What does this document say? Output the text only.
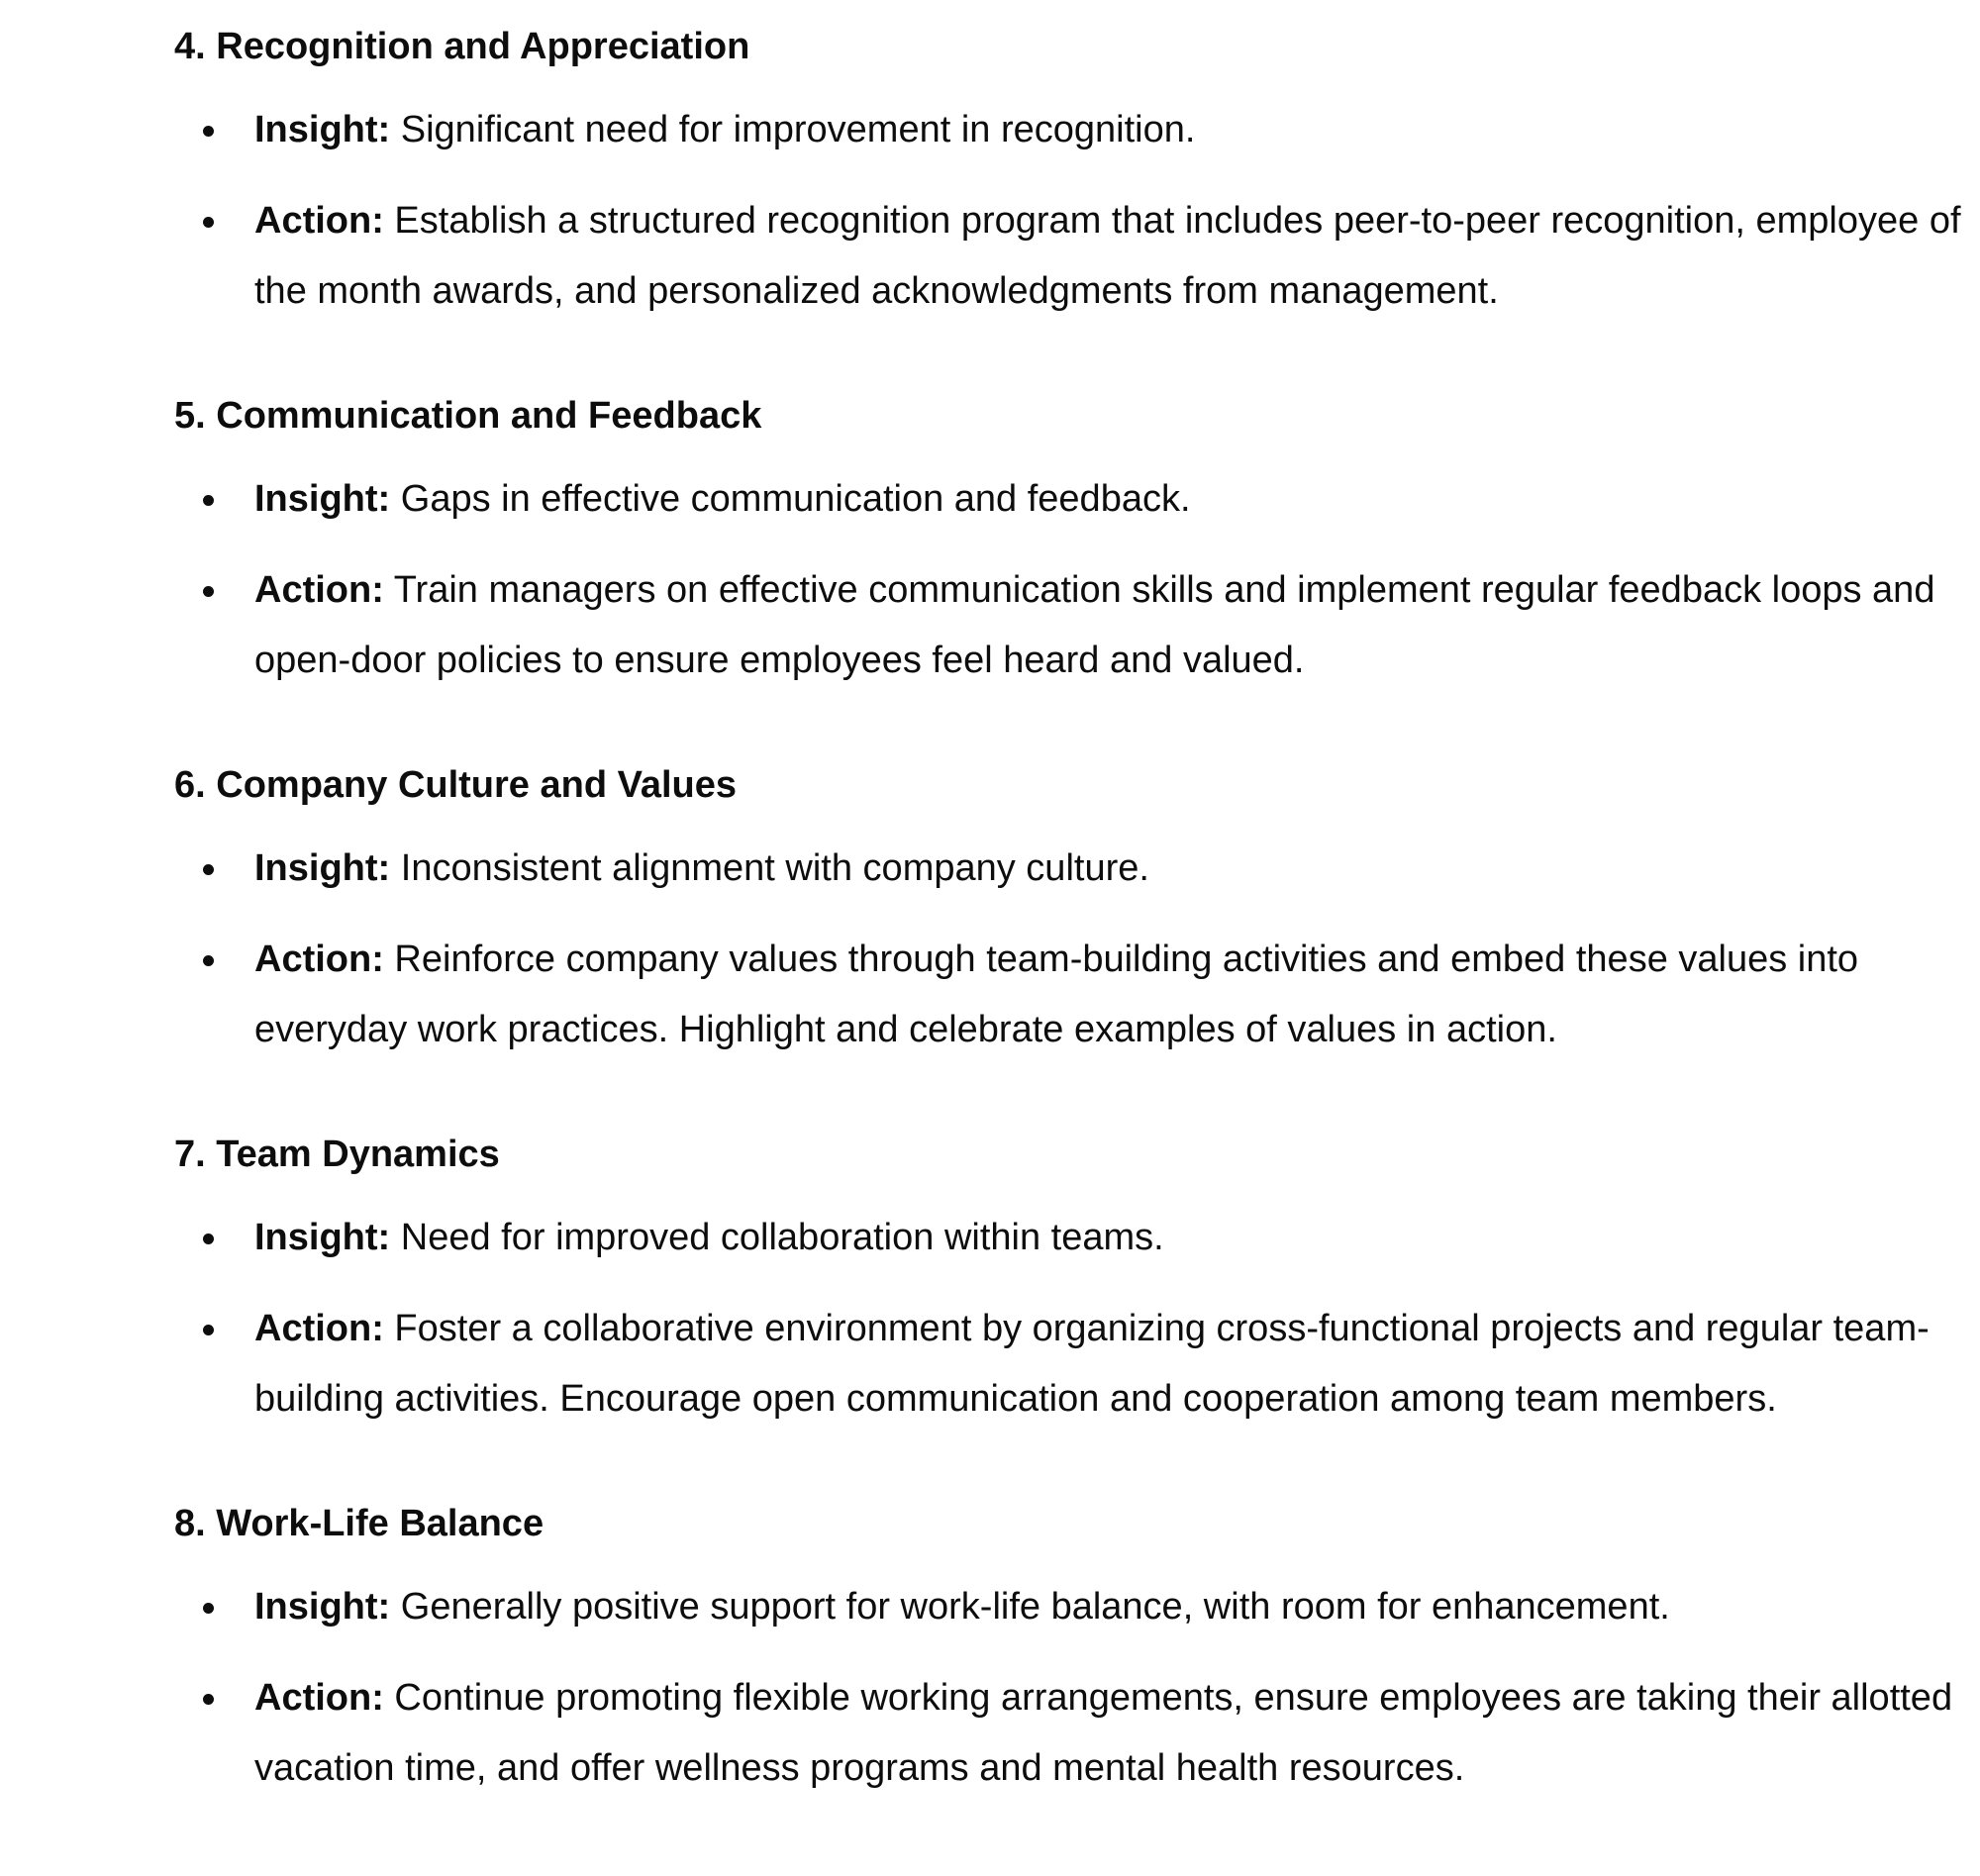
4. Recognition and Appreciation
Insight: Significant need for improvement in recognition.
Action: Establish a structured recognition program that includes peer-to-peer recognition, employee of the month awards, and personalized acknowledgments from management.
5. Communication and Feedback
Insight: Gaps in effective communication and feedback.
Action: Train managers on effective communication skills and implement regular feedback loops and open-door policies to ensure employees feel heard and valued.
6. Company Culture and Values
Insight: Inconsistent alignment with company culture.
Action: Reinforce company values through team-building activities and embed these values into everyday work practices. Highlight and celebrate examples of values in action.
7. Team Dynamics
Insight: Need for improved collaboration within teams.
Action: Foster a collaborative environment by organizing cross-functional projects and regular team-building activities. Encourage open communication and cooperation among team members.
8. Work-Life Balance
Insight: Generally positive support for work-life balance, with room for enhancement.
Action: Continue promoting flexible working arrangements, ensure employees are taking their allotted vacation time, and offer wellness programs and mental health resources.
